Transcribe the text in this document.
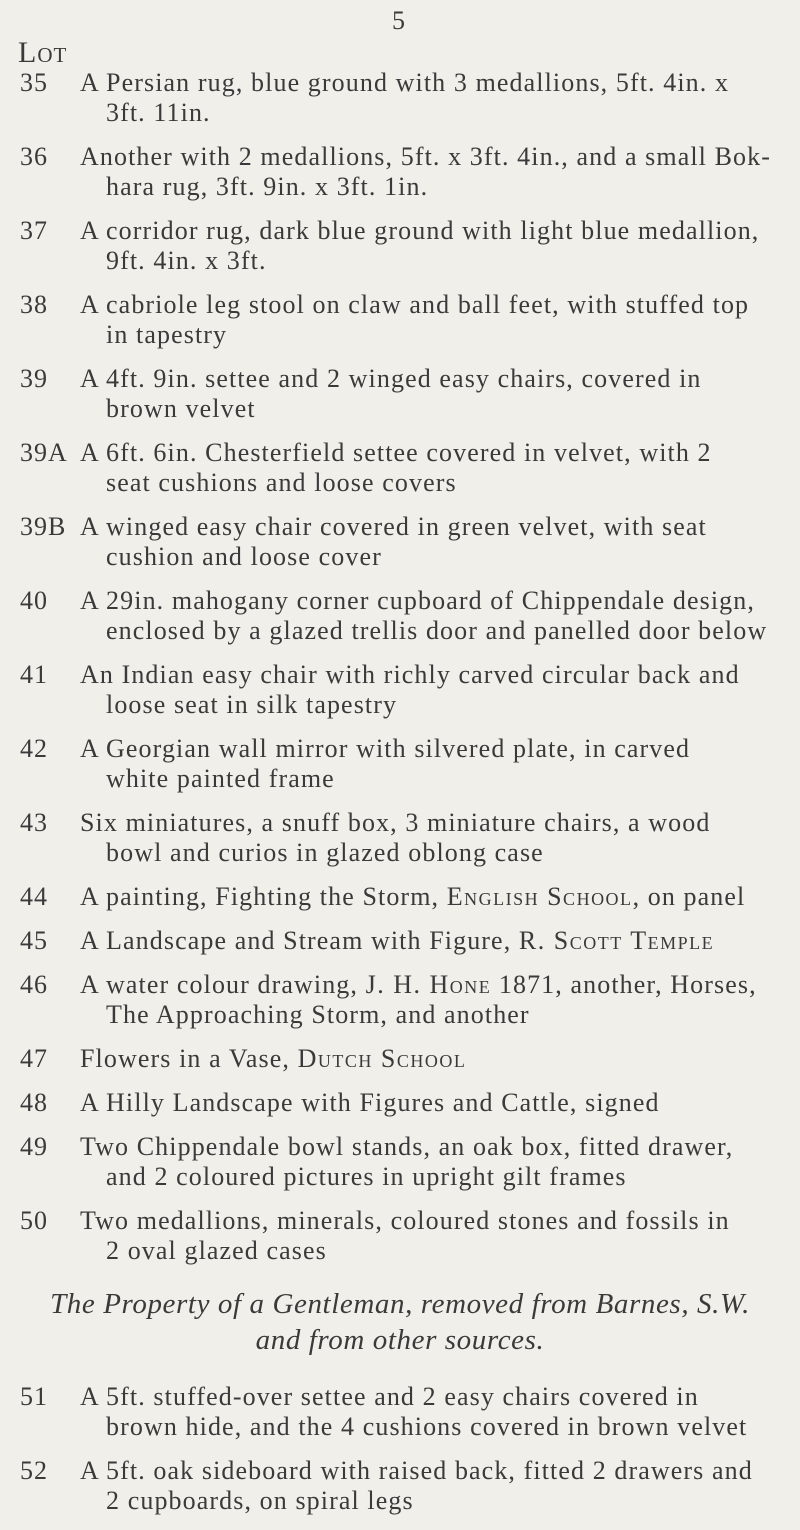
5
Lot
35 A Persian rug, blue ground with 3 medallions, 5ft. 4in. x
3ft. 11in.
36 Another with 2 medallions, 5ft. x 3ft. 4in., and a small Bok-
hara rug, 3ft. 9in. x 3ft. 1in.
37 A corridor rug, dark blue ground with light blue medallion,
9ft. 4in. x 3ft.
38 A cabriole leg stool on claw and ball feet, with stuffed top
in tapestry
39 A 4ft. 9in. settee and 2 winged easy chairs, covered in
brown velvet
39A A 6ft. 6in. Chesterfield settee covered in velvet, with 2
seat cushions and loose covers
39B A winged easy chair covered in green velvet, with seat
cushion and loose cover
40 A 29in. mahogany corner cupboard of Chippendale design,
enclosed by a glazed trellis door and panelled door below
41 An Indian easy chair with richly carved circular back and
loose seat in silk tapestry
42 A Georgian wall mirror with silvered plate, in carved
white painted frame
43 Six miniatures, a snuff box, 3 miniature chairs, a wood
bowl and curios in glazed oblong case
44 A painting, Fighting the Storm, English School, on panel
45 A Landscape and Stream with Figure, R. Scott Temple
46 A water colour drawing, J. H. Hone 1871, another, Horses,
The Approaching Storm, and another
47 Flowers in a Vase, Dutch School
48 A Hilly Landscape with Figures and Cattle, signed
49 Two Chippendale bowl stands, an oak box, fitted drawer,
and 2 coloured pictures in upright gilt frames
50 Two medallions, minerals, coloured stones and fossils in
2 oval glazed cases
The Property of a Gentleman, removed from Barnes, S.W.
and from other sources.
51 A 5ft. stuffed-over settee and 2 easy chairs covered in
brown hide, and the 4 cushions covered in brown velvet
52 A 5ft. oak sideboard with raised back, fitted 2 drawers and
2 cupboards, on spiral legs
